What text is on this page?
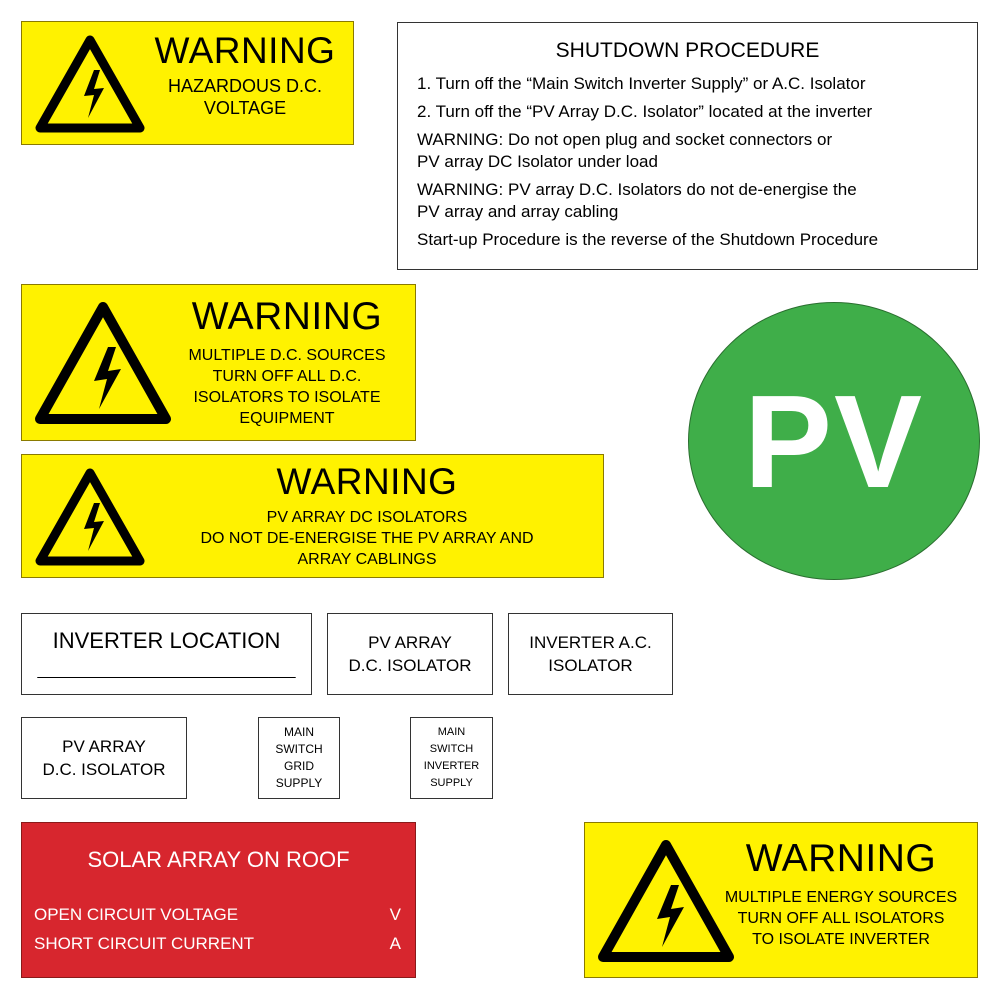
WARNING
HAZARDOUS D.C.
VOLTAGE
SHUTDOWN PROCEDURE
1. Turn off the “Main Switch Inverter Supply” or A.C. Isolator
2. Turn off the “PV Array D.C. Isolator” located at the inverter
WARNING: Do not open plug and socket connectors or
PV array DC Isolator under load
WARNING: PV array D.C. Isolators do not de-energise the
PV array and array cabling
Start-up Procedure is the reverse of the Shutdown Procedure
WARNING
MULTIPLE D.C. SOURCES
TURN OFF ALL D.C.
ISOLATORS TO ISOLATE
EQUIPMENT	PV
WARNING
PV ARRAY DC ISOLATORS
DO NOT DE-ENERGISE THE PV ARRAY AND
ARRAY CABLINGS
INVERTER LOCATION
_____________________________
PV ARRAY
D.C. ISOLATOR
INVERTER A.C.
ISOLATOR
PV ARRAY
D.C. ISOLATOR
MAIN
SWITCH
GRID
SUPPLY
MAIN
SWITCH
INVERTER
SUPPLY
SOLAR ARRAY ON ROOF
OPEN CIRCUIT VOLTAGE	V
SHORT CIRCUIT CURRENT	A
WARNING
MULTIPLE ENERGY SOURCES
TURN OFF ALL ISOLATORS
TO ISOLATE INVERTER
